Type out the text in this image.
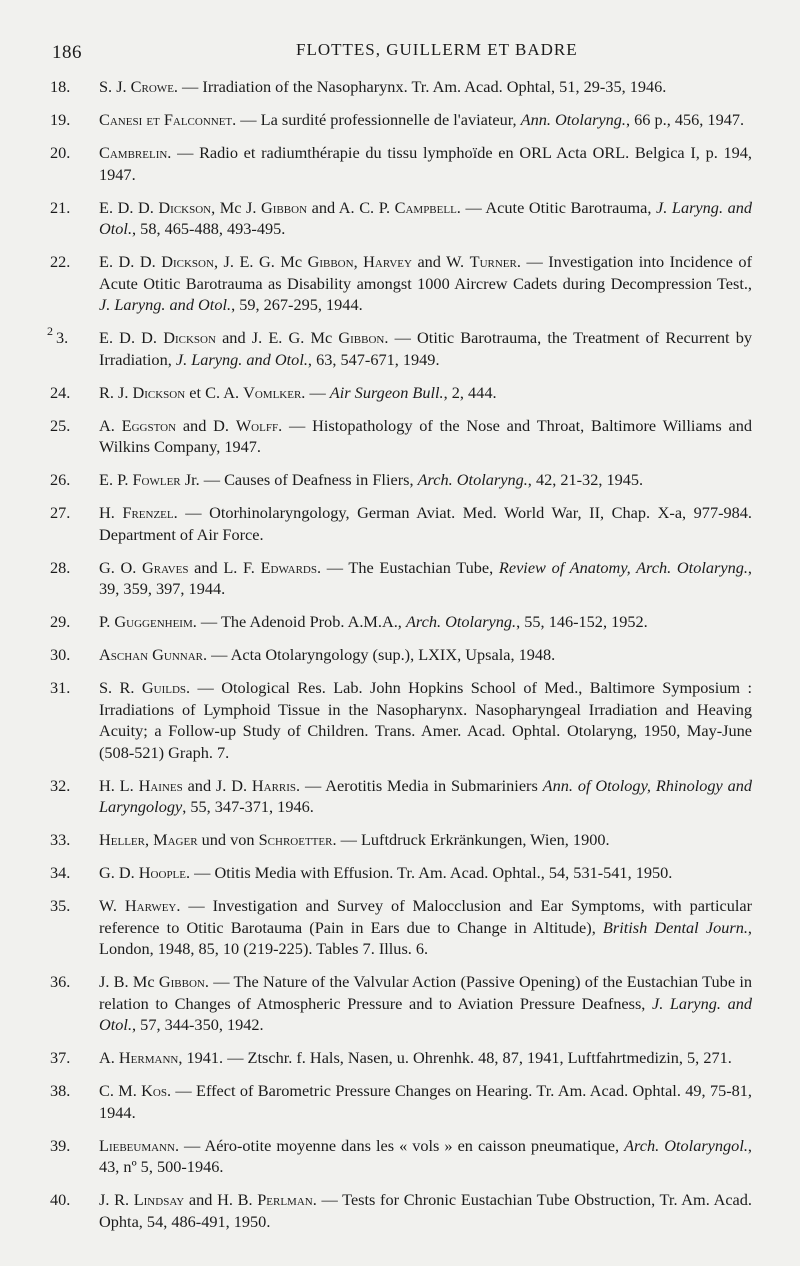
186	FLOTTES, GUILLERM ET BADRE
18. S. J. Crowe. — Irradiation of the Nasopharynx. Tr. Am. Acad. Ophtal, 51, 29-35, 1946.
19. Canesi et Falconnet. — La surdité professionnelle de l'aviateur, Ann. Otolaryng., 66 p., 456, 1947.
20. Cambrelin. — Radio et radiumthérapie du tissu lymphoïde en ORL Acta ORL. Belgica I, p. 194, 1947.
21. E. D. D. Dickson, Mc J. Gibbon and A. C. P. Campbell. — Acute Otitic Barotrauma, J. Laryng. and Otol., 58, 465-488, 493-495.
22. E. D. D. Dickson, J. E. G. Mc Gibbon, Harvey and W. Turner. — Investigation into Incidence of Acute Otitic Barotrauma as Disability amongst 1000 Aircrew Cadets during Decompression Test., J. Laryng. and Otol., 59, 267-295, 1944.
2 3. E. D. D. Dickson and J. E. G. Mc Gibbon. — Otitic Barotrauma, the Treatment of Recurrent by Irradiation, J. Laryng. and Otol., 63, 547-671, 1949.
24. R. J. Dickson et C. A. Vomlker. — Air Surgeon Bull., 2, 444.
25. A. Eggston and D. Wolff. — Histopathology of the Nose and Throat, Baltimore Williams and Wilkins Company, 1947.
26. E. P. Fowler Jr. — Causes of Deafness in Fliers, Arch. Otolaryng., 42, 21-32, 1945.
27. H. Frenzel. — Otorhinolaryngology, German Aviat. Med. World War, II, Chap. X-a, 977-984. Department of Air Force.
28. G. O. Graves and L. F. Edwards. — The Eustachian Tube, Review of Anatomy, Arch. Otolaryng., 39, 359, 397, 1944.
29. P. Guggenheim. — The Adenoid Prob. A.M.A., Arch. Otolaryng., 55, 146-152, 1952.
30. Aschan Gunnar. — Acta Otolaryngology (sup.), LXIX, Upsala, 1948.
31. S. R. Guilds. — Otological Res. Lab. John Hopkins School of Med., Baltimore Symposium : Irradiations of Lymphoid Tissue in the Nasopharynx. Nasopharyngeal Irradiation and Heaving Acuity; a Follow-up Study of Children. Trans. Amer. Acad. Ophtal. Otolaryng, 1950, May-June (508-521) Graph. 7.
32. H. L. Haines and J. D. Harris. — Aerotitis Media in Submariniers Ann. of Otology, Rhinology and Laryngology, 55, 347-371, 1946.
33. Heller, Mager und von Schroetter. — Luftdruck Erkränkungen, Wien, 1900.
34. G. D. Hoople. — Otitis Media with Effusion. Tr. Am. Acad. Ophtal., 54, 531-541, 1950.
35. W. Harwey. — Investigation and Survey of Malocclusion and Ear Symptoms, with particular reference to Otitic Barotauma (Pain in Ears due to Change in Altitude), British Dental Journ., London, 1948, 85, 10 (219-225). Tables 7. Illus. 6.
36. J. B. Mc Gibbon. — The Nature of the Valvular Action (Passive Opening) of the Eustachian Tube in relation to Changes of Atmospheric Pressure and to Aviation Pressure Deafness, J. Laryng. and Otol., 57, 344-350, 1942.
37. A. Hermann, 1941. — Ztschr. f. Hals, Nasen, u. Ohrenhk. 48, 87, 1941, Luftfahrtmedizin, 5, 271.
38. C. M. Kos. — Effect of Barometric Pressure Changes on Hearing. Tr. Am. Acad. Ophtal. 49, 75-81, 1944.
39. Liebeumann. — Aéro-otite moyenne dans les « vols » en caisson pneumatique, Arch. Otolaryngol., 43, nº 5, 500-1946.
40. J. R. Lindsay and H. B. Perlman. — Tests for Chronic Eustachian Tube Obstruction, Tr. Am. Acad. Ophta, 54, 486-491, 1950.
